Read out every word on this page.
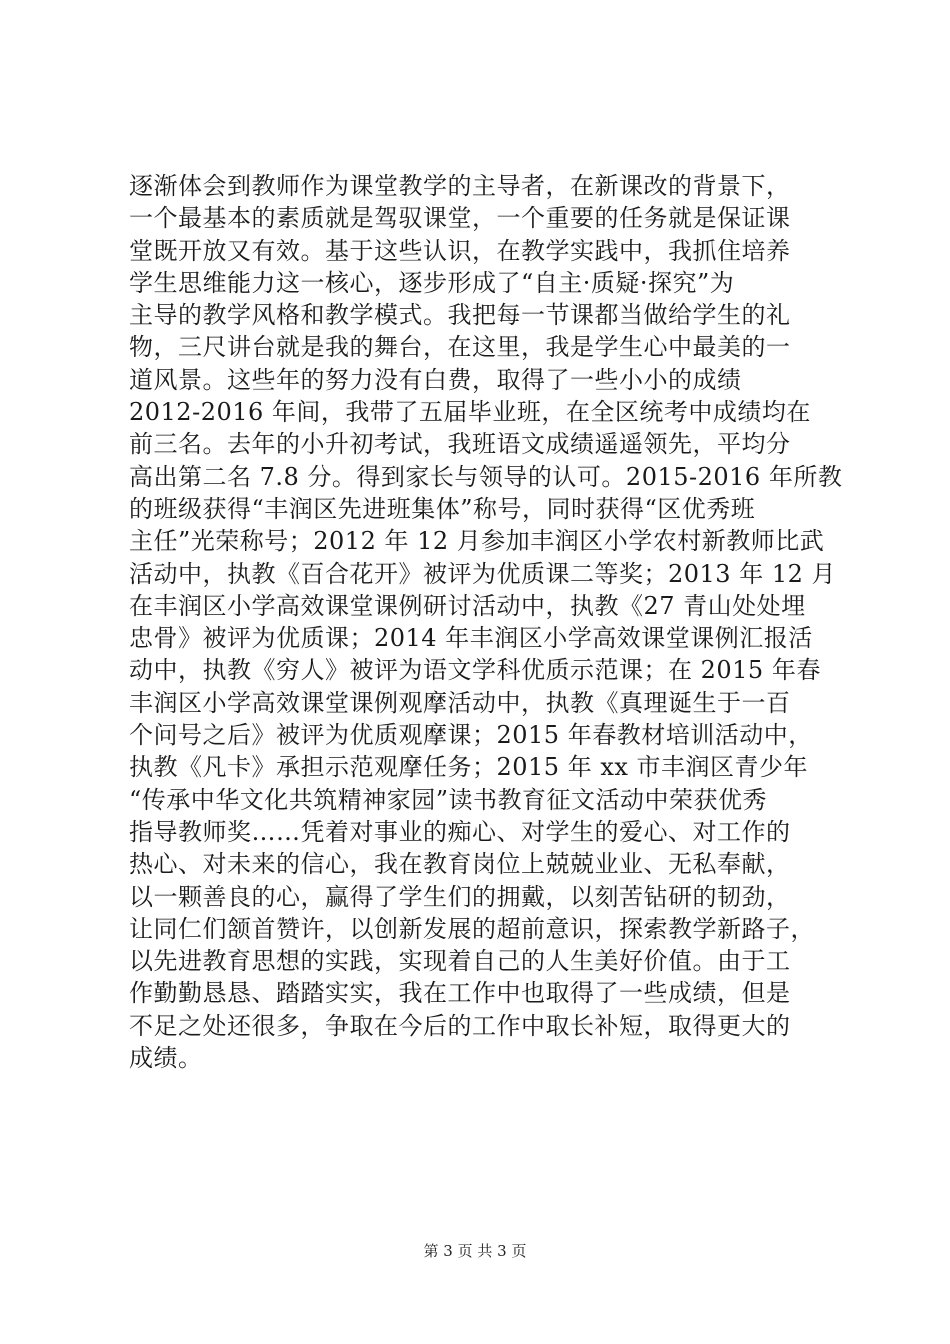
逐渐体会到教师作为课堂教学的主导者，在新课改的背景下，
一个最基本的素质就是驾驭课堂，一个重要的任务就是保证课
堂既开放又有效。基于这些认识，在教学实践中，我抓住培养
学生思维能力这一核心，逐步形成了“自主·质疑·探究”为
主导的教学风格和教学模式。我把每一节课都当做给学生的礼
物，三尺讲台就是我的舞台，在这里，我是学生心中最美的一
道风景。这些年的努力没有白费，取得了一些小小的成绩
2012-2016 年间，我带了五届毕业班，在全区统考中成绩均在
前三名。去年的小升初考试，我班语文成绩遥遥领先，平均分
高出第二名 7.8 分。得到家长与领导的认可。2015-2016 年所教
的班级获得“丰润区先进班集体”称号，同时获得“区优秀班
主任”光荣称号；2012 年 12 月参加丰润区小学农村新教师比武
活动中，执教《百合花开》被评为优质课二等奖；2013 年 12 月
在丰润区小学高效课堂课例研讨活动中，执教《27 青山处处埋
忠骨》被评为优质课；2014 年丰润区小学高效课堂课例汇报活
动中，执教《穷人》被评为语文学科优质示范课；在 2015 年春
丰润区小学高效课堂课例观摩活动中，执教《真理诞生于一百
个问号之后》被评为优质观摩课；2015 年春教材培训活动中，
执教《凡卡》承担示范观摩任务；2015 年 xx 市丰润区青少年
“传承中华文化共筑精神家园”读书教育征文活动中荣获优秀
指导教师奖……凭着对事业的痴心、对学生的爱心、对工作的
热心、对未来的信心，我在教育岗位上兢兢业业、无私奉献，
以一颗善良的心，赢得了学生们的拥戴，以刻苦钻研的韧劲，
让同仁们颔首赞许，以创新发展的超前意识，探索教学新路子，
以先进教育思想的实践，实现着自己的人生美好价值。由于工
作勤勤恳恳、踏踏实实，我在工作中也取得了一些成绩，但是
不足之处还很多，争取在今后的工作中取长补短，取得更大的
成绩。
第 3 页 共 3 页
